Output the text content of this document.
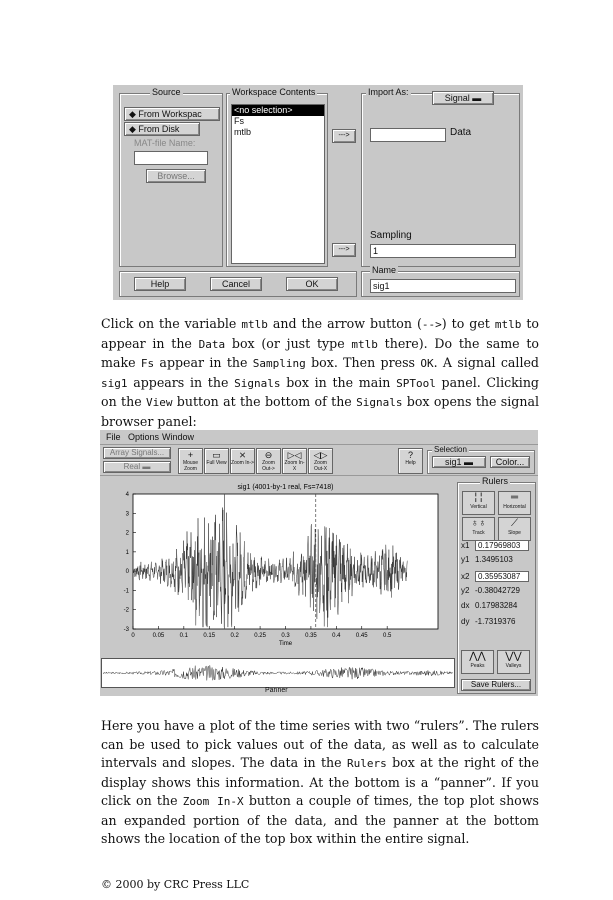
Source
◆ From Workspac
◆ From Disk
MAT-file Name:
Browse...
Workspace Contents
<no selection>
Fs
mtlb	--->
--->
Import As:
Signal ▬
Data
Sampling
1
Help	Cancel	OK
Name
sig1
Click on the variable mtlb and the arrow button (-->) to get mtlb to appear in the Data box (or just type mtlb there). Do the same to make Fs appear in the Sampling box. Then press OK. A signal called sig1 appears in the Signals box in the main SPTool panel. Clicking on the View button at the bottom of the Signals box opens the signal browser panel:
File Options Window
Array Signals...
Real ▬
+
Mouse Zoom
▭
Full View
⨯
Zoom In->
⊖
Zoom Out->
▷◁
Zoom In-X
◁▷
Zoom Out-X
?
Help
Selection
sig1 ▬	Color...
sig1 (4001-by-1 real, Fs=7418)
0	0.05	0.1	0.15	0.2	0.25	0.3	0.35	0.4	0.45	0.5
-3
-2
-1
0
1
2
3
4
Time
Panner
Rulers
¦ ¦
Vertical
═
Horizontal
♁♁
Track
⟋
Slope
x1 0.17969803
y1 1.3495103
x2 0.35953087
y2 -0.38042729
dx 0.17983284
dy -1.7319376
⋀⋀
Peaks
⋁⋁
Valleys
Save Rulers...
Here you have a plot of the time series with two “rulers”. The rulers can be used to pick values out of the data, as well as to calculate intervals and slopes. The data in the Rulers box at the right of the display shows this information. At the bottom is a “panner”. If you click on the Zoom In-X button a couple of times, the top plot shows an expanded portion of the data, and the panner at the bottom shows the location of the top box within the entire signal.
© 2000 by CRC Press LLC
